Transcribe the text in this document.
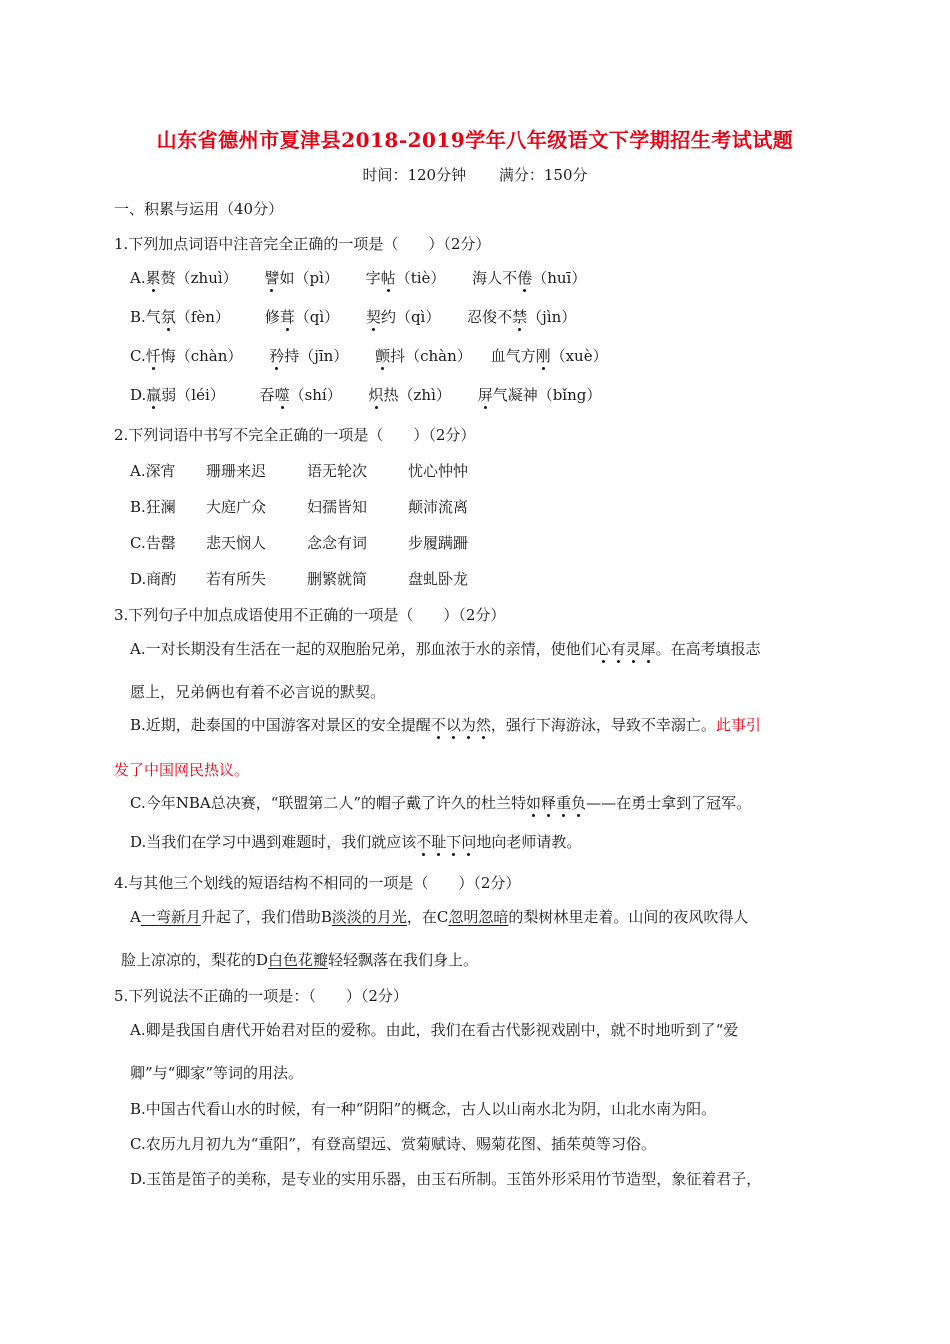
山东省德州市夏津县2018-2019学年八年级语文下学期招生考试试题
时间：120分钟 满分：150分
一、积累与运用（40分）
1.下列加点词语中注音完全正确的一项是（　　）（2分）
A.累赘（zhuì） 譬如（pì） 字帖（tiè） 海人不倦（huī）
B.气氛（fèn） 修葺（qì） 契约（qì） 忍俊不禁（jìn）
C.忏悔（chàn） 矜持（jīn） 颤抖（chàn） 血气方刚（xuè）
D.羸弱（léi） 吞噬（shí） 炽热（zhì） 屏气凝神（bǐng）
2.下列词语中书写不完全正确的一项是（　　）（2分）
A.深宵 珊珊来迟	语无轮次	忧心忡忡
B.狂澜 大庭广众	妇孺皆知	颠沛流离
C.告罄 悲天悯人	念念有词	步履蹒跚
D.商酌 若有所失	删繁就简	盘虬卧龙
3.下列句子中加点成语使用不正确的一项是（　　）（2分）
A.一对长期没有生活在一起的双胞胎兄弟，那血浓于水的亲情，使他们心有灵犀。在高考填报志
愿上，兄弟俩也有着不必言说的默契。
B.近期，赴泰国的中国游客对景区的安全提醒不以为然，强行下海游泳，导致不幸溺亡。此事引
发了中国网民热议。
C.今年NBA总决赛，“联盟第二人”的帽子戴了许久的杜兰特如释重负——在勇士拿到了冠军。
D.当我们在学习中遇到难题时，我们就应该不耻下问地向老师请教。
4.与其他三个划线的短语结构不相同的一项是（　　）（2分）
A一弯新月升起了，我们借助B淡淡的月光，在C忽明忽暗的梨树林里走着。山间的夜风吹得人
脸上凉凉的，梨花的D白色花瓣轻轻飘落在我们身上。
5.下列说法不正确的一项是：（　　）（2分）
A.卿是我国自唐代开始君对臣的爱称。由此，我们在看古代影视戏剧中，就不时地听到了“爱
卿”与“卿家”等词的用法。
B.中国古代看山水的时候，有一种“阴阳”的概念，古人以山南水北为阴，山北水南为阳。
C.农历九月初九为“重阳”，有登高望远、赏菊赋诗、赐菊花图、插茱萸等习俗。
D.玉笛是笛子的美称，是专业的实用乐器，由玉石所制。玉笛外形采用竹节造型，象征着君子，
